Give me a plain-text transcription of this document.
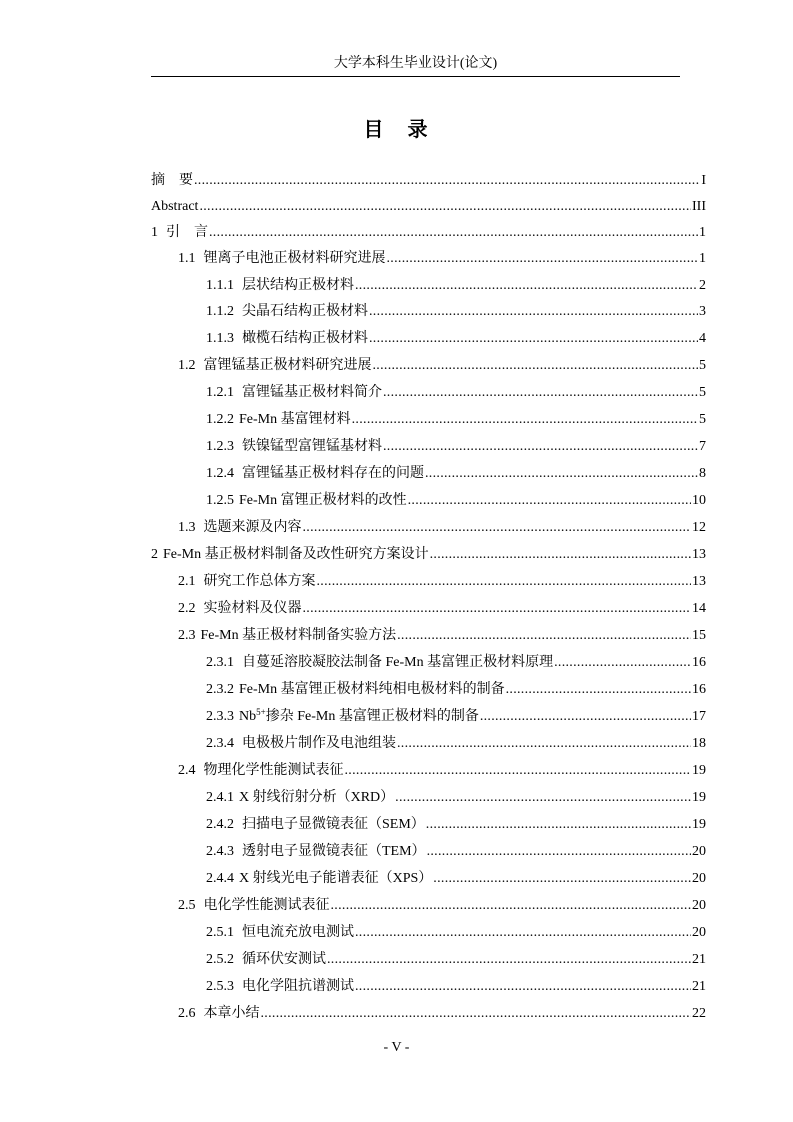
大学本科生毕业设计(论文)
目　录
摘　要 . . .	I
Abstract . . .	III
1 引　言 . . .	1
1.1 锂离子电池正极材料研究进展 . . .	1
1.1.1 层状结构正极材料 . . .	2
1.1.2 尖晶石结构正极材料 . . .	3
1.1.3 橄榄石结构正极材料 . . .	4
1.2 富锂锰基正极材料研究进展 . . .	5
1.2.1 富锂锰基正极材料简介 . . .	5
1.2.2 Fe-Mn 基富锂材料 . . .	5
1.2.3 铁镍锰型富锂锰基材料 . . .	7
1.2.4 富锂锰基正极材料存在的问题 . . .	8
1.2.5 Fe-Mn 富锂正极材料的改性 . . .	10
1.3 选题来源及内容 . . .	12
2 Fe-Mn 基正极材料制备及改性研究方案设计 . . .	13
2.1 研究工作总体方案 . . .	13
2.2 实验材料及仪器 . . .	14
2.3 Fe-Mn 基正极材料制备实验方法 . . .	15
2.3.1 自蔓延溶胶凝胶法制备 Fe-Mn 基富锂正极材料原理 . . .	16
2.3.2 Fe-Mn 基富锂正极材料纯相电极材料的制备 . . .	16
2.3.3 $Nb^{5+}$掺杂 Fe-Mn 基富锂正极材料的制备 . . .	17
2.3.4 电极极片制作及电池组装 . . .	18
2.4 物理化学性能测试表征 . . .	19
2.4.1 X 射线衍射分析（XRD） . . .	19
2.4.2 扫描电子显微镜表征（SEM） . . .	19
2.4.3 透射电子显微镜表征（TEM） . . .	20
2.4.4 X 射线光电子能谱表征（XPS） . . .	20
2.5 电化学性能测试表征 . . .	20
2.5.1 恒电流充放电测试 . . .	20
2.5.2 循环伏安测试 . . .	21
2.5.3 电化学阻抗谱测试 . . .	21
2.6 本章小结 . . .	22
- V -
